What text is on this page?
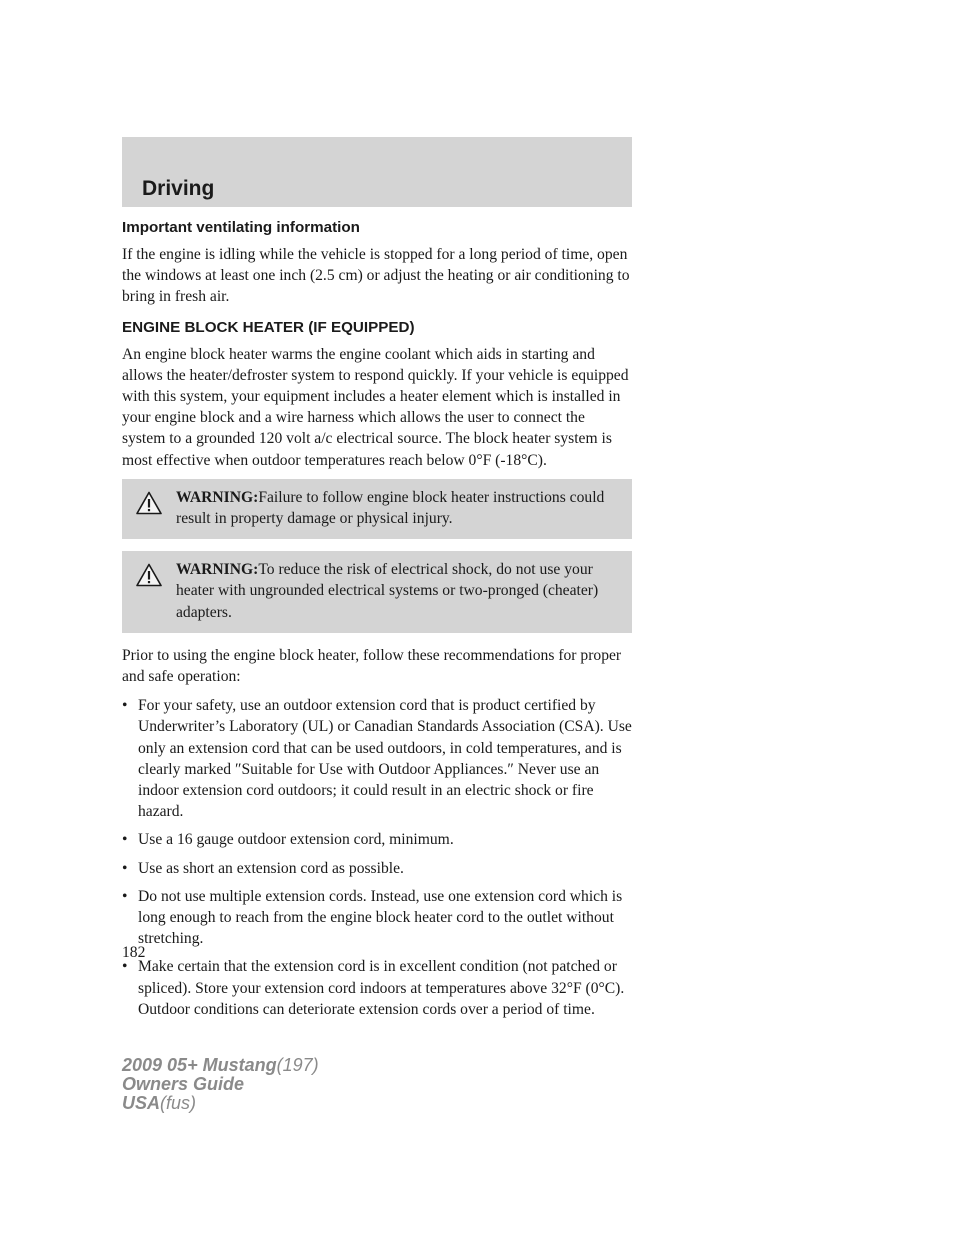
Driving
Important ventilating information

If the engine is idling while the vehicle is stopped for a long period of time, open the windows at least one inch (2.5 cm) or adjust the heating or air conditioning to bring in fresh air.

ENGINE BLOCK HEATER (IF EQUIPPED)

An engine block heater warms the engine coolant which aids in starting and allows the heater/defroster system to respond quickly. If your vehicle is equipped with this system, your equipment includes a heater element which is installed in your engine block and a wire harness which allows the user to connect the system to a grounded 120 volt a/c electrical source. The block heater system is most effective when outdoor temperatures reach below 0°F (-18°C).

WARNING:Failure to follow engine block heater instructions could result in property damage or physical injury.
WARNING:To reduce the risk of electrical shock, do not use your heater with ungrounded electrical systems or two-pronged (cheater) adapters.

Prior to using the engine block heater, follow these recommendations for proper and safe operation:

• For your safety, use an outdoor extension cord that is product certified by Underwriter’s Laboratory (UL) or Canadian Standards Association (CSA). Use only an extension cord that can be used outdoors, in cold temperatures, and is clearly marked ″Suitable for Use with Outdoor Appliances.″ Never use an indoor extension cord outdoors; it could result in an electric shock or fire hazard.
• Use a 16 gauge outdoor extension cord, minimum.
• Use as short an extension cord as possible.
• Do not use multiple extension cords. Instead, use one extension cord which is long enough to reach from the engine block heater cord to the outlet without stretching.
• Make certain that the extension cord is in excellent condition (not patched or spliced). Store your extension cord indoors at temperatures above 32°F (0°C). Outdoor conditions can deteriorate extension cords over a period of time.
182
2009 05+ Mustang(197)
Owners Guide
USA(fus)
